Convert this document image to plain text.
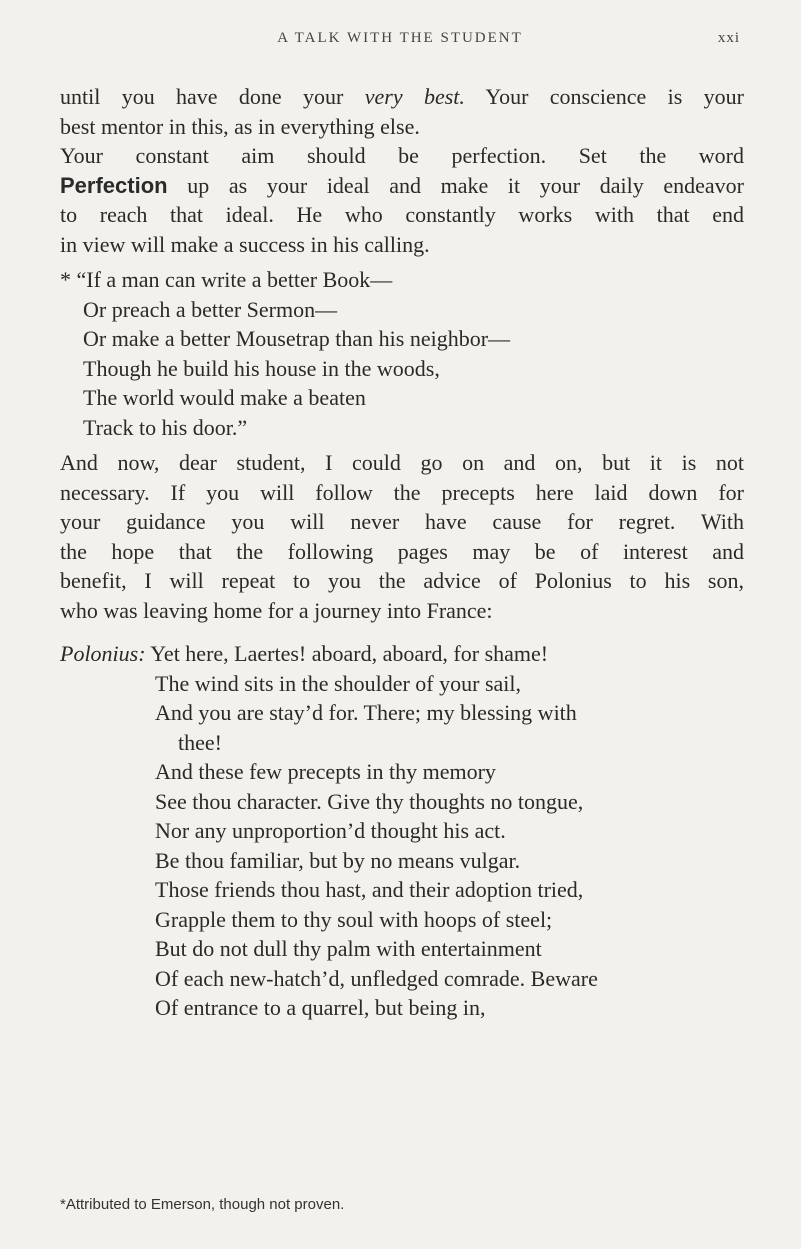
A TALK WITH THE STUDENT	xxi

until you have done your very best. Your conscience is your
best mentor in this, as in everything else.
Your constant aim should be perfection. Set the word
Perfection up as your ideal and make it your daily endeavor
to reach that ideal. He who constantly works with that end
in view will make a success in his calling.

* “If a man can write a better Book—
Or preach a better Sermon—
Or make a better Mousetrap than his neighbor—
Though he build his house in the woods,
The world would make a beaten
Track to his door.”

And now, dear student, I could go on and on, but it is not
necessary. If you will follow the precepts here laid down for
your guidance you will never have cause for regret. With
the hope that the following pages may be of interest and
benefit, I will repeat to you the advice of Polonius to his son,
who was leaving home for a journey into France:

Polonius: Yet here, Laertes! aboard, aboard, for shame!
The wind sits in the shoulder of your sail,
And you are stay’d for. There; my blessing with
thee!
And these few precepts in thy memory
See thou character. Give thy thoughts no tongue,
Nor any unproportion’d thought his act.
Be thou familiar, but by no means vulgar.
Those friends thou hast, and their adoption tried,
Grapple them to thy soul with hoops of steel;
But do not dull thy palm with entertainment
Of each new-hatch’d, unfledged comrade. Beware
Of entrance to a quarrel, but being in,
*Attributed to Emerson, though not proven.
